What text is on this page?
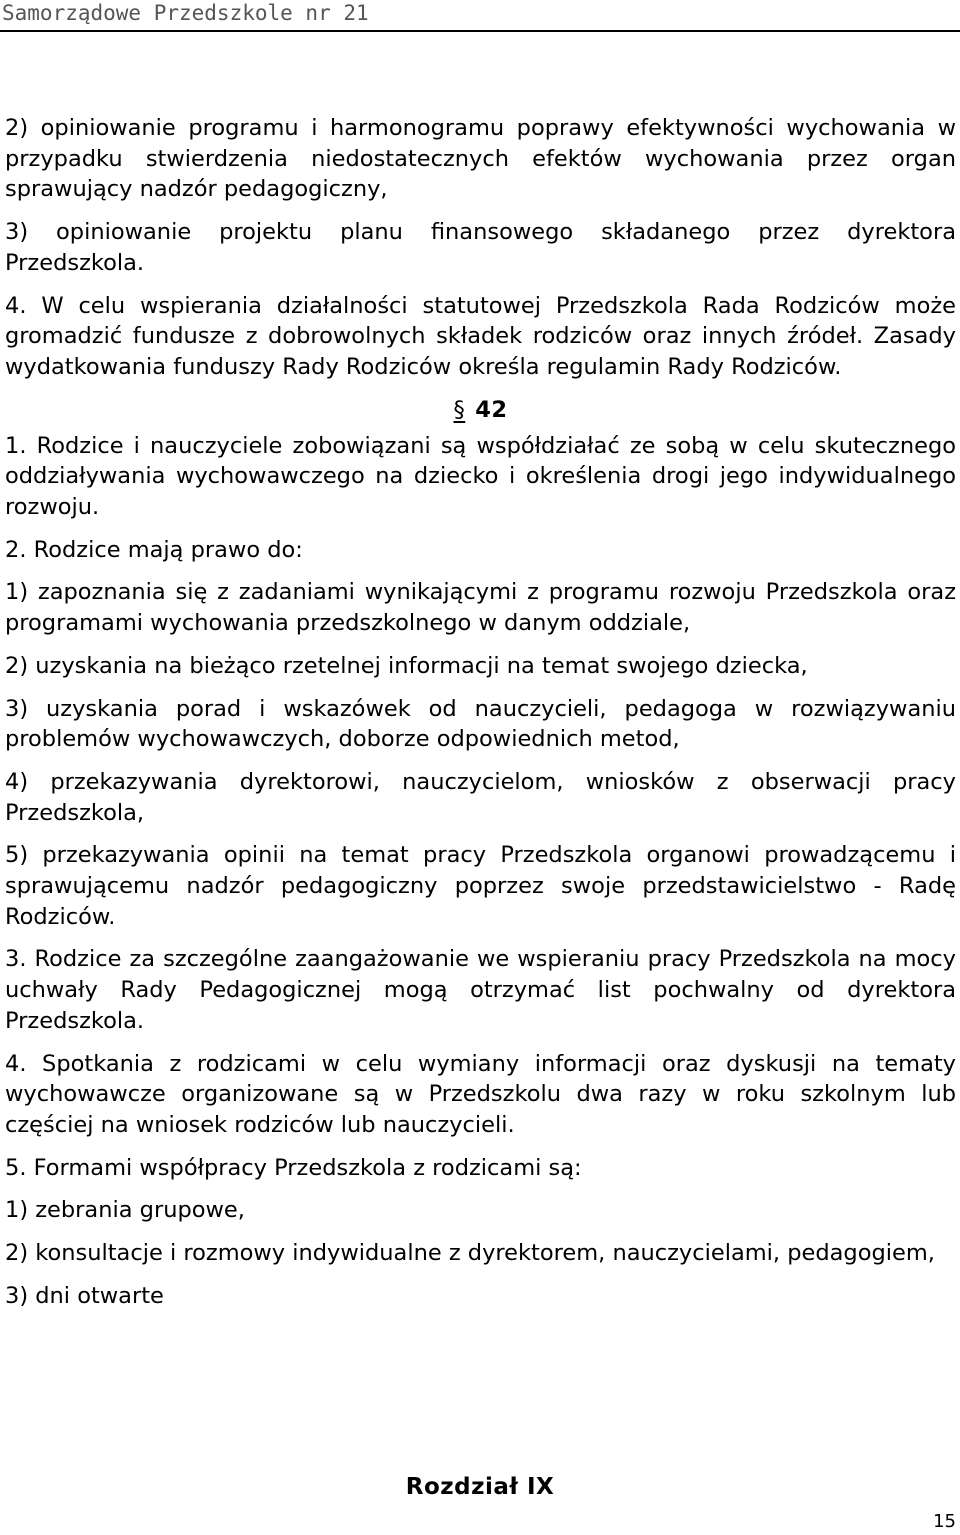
Samorządowe Przedszkole nr 21

2) opiniowanie programu i harmonogramu poprawy efektywności wychowania w przypadku stwierdzenia niedostatecznych efektów wychowania przez organ sprawujący nadzór pedagogiczny,

3) opiniowanie projektu planu finansowego składanego przez dyrektora Przedszkola.

4. W celu wspierania działalności statutowej Przedszkola Rada Rodziców może gromadzić fundusze z dobrowolnych składek rodziców oraz innych źródeł. Zasady wydatkowania funduszy Rady Rodziców określa regulamin Rady Rodziców.

§ 42

1. Rodzice i nauczyciele zobowiązani są współdziałać ze sobą w celu skutecznego oddziaływania wychowawczego na dziecko i określenia drogi jego indywidualnego rozwoju.

2. Rodzice mają prawo do:

1) zapoznania się z zadaniami wynikającymi z programu rozwoju Przedszkola oraz programami wychowania przedszkolnego w danym oddziale,

2) uzyskania na bieżąco rzetelnej informacji na temat swojego dziecka,

3) uzyskania porad i wskazówek od nauczycieli, pedagoga w rozwiązywaniu problemów wychowawczych, doborze odpowiednich metod,

4) przekazywania dyrektorowi, nauczycielom, wniosków z obserwacji pracy Przedszkola,

5) przekazywania opinii na temat pracy Przedszkola organowi prowadzącemu i sprawującemu nadzór pedagogiczny poprzez swoje przedstawicielstwo - Radę Rodziców.

3. Rodzice za szczególne zaangażowanie we wspieraniu pracy Przedszkola na mocy uchwały Rady Pedagogicznej mogą otrzymać list pochwalny od dyrektora Przedszkola.

4. Spotkania z rodzicami w celu wymiany informacji oraz dyskusji na tematy wychowawcze organizowane są w Przedszkolu dwa razy w roku szkolnym lub częściej na wniosek rodziców lub nauczycieli.

5. Formami współpracy Przedszkola z rodzicami są:

1) zebrania grupowe,

2) konsultacje i rozmowy indywidualne z dyrektorem, nauczycielami, pedagogiem,

3) dni otwarte

Rozdział IX
15
